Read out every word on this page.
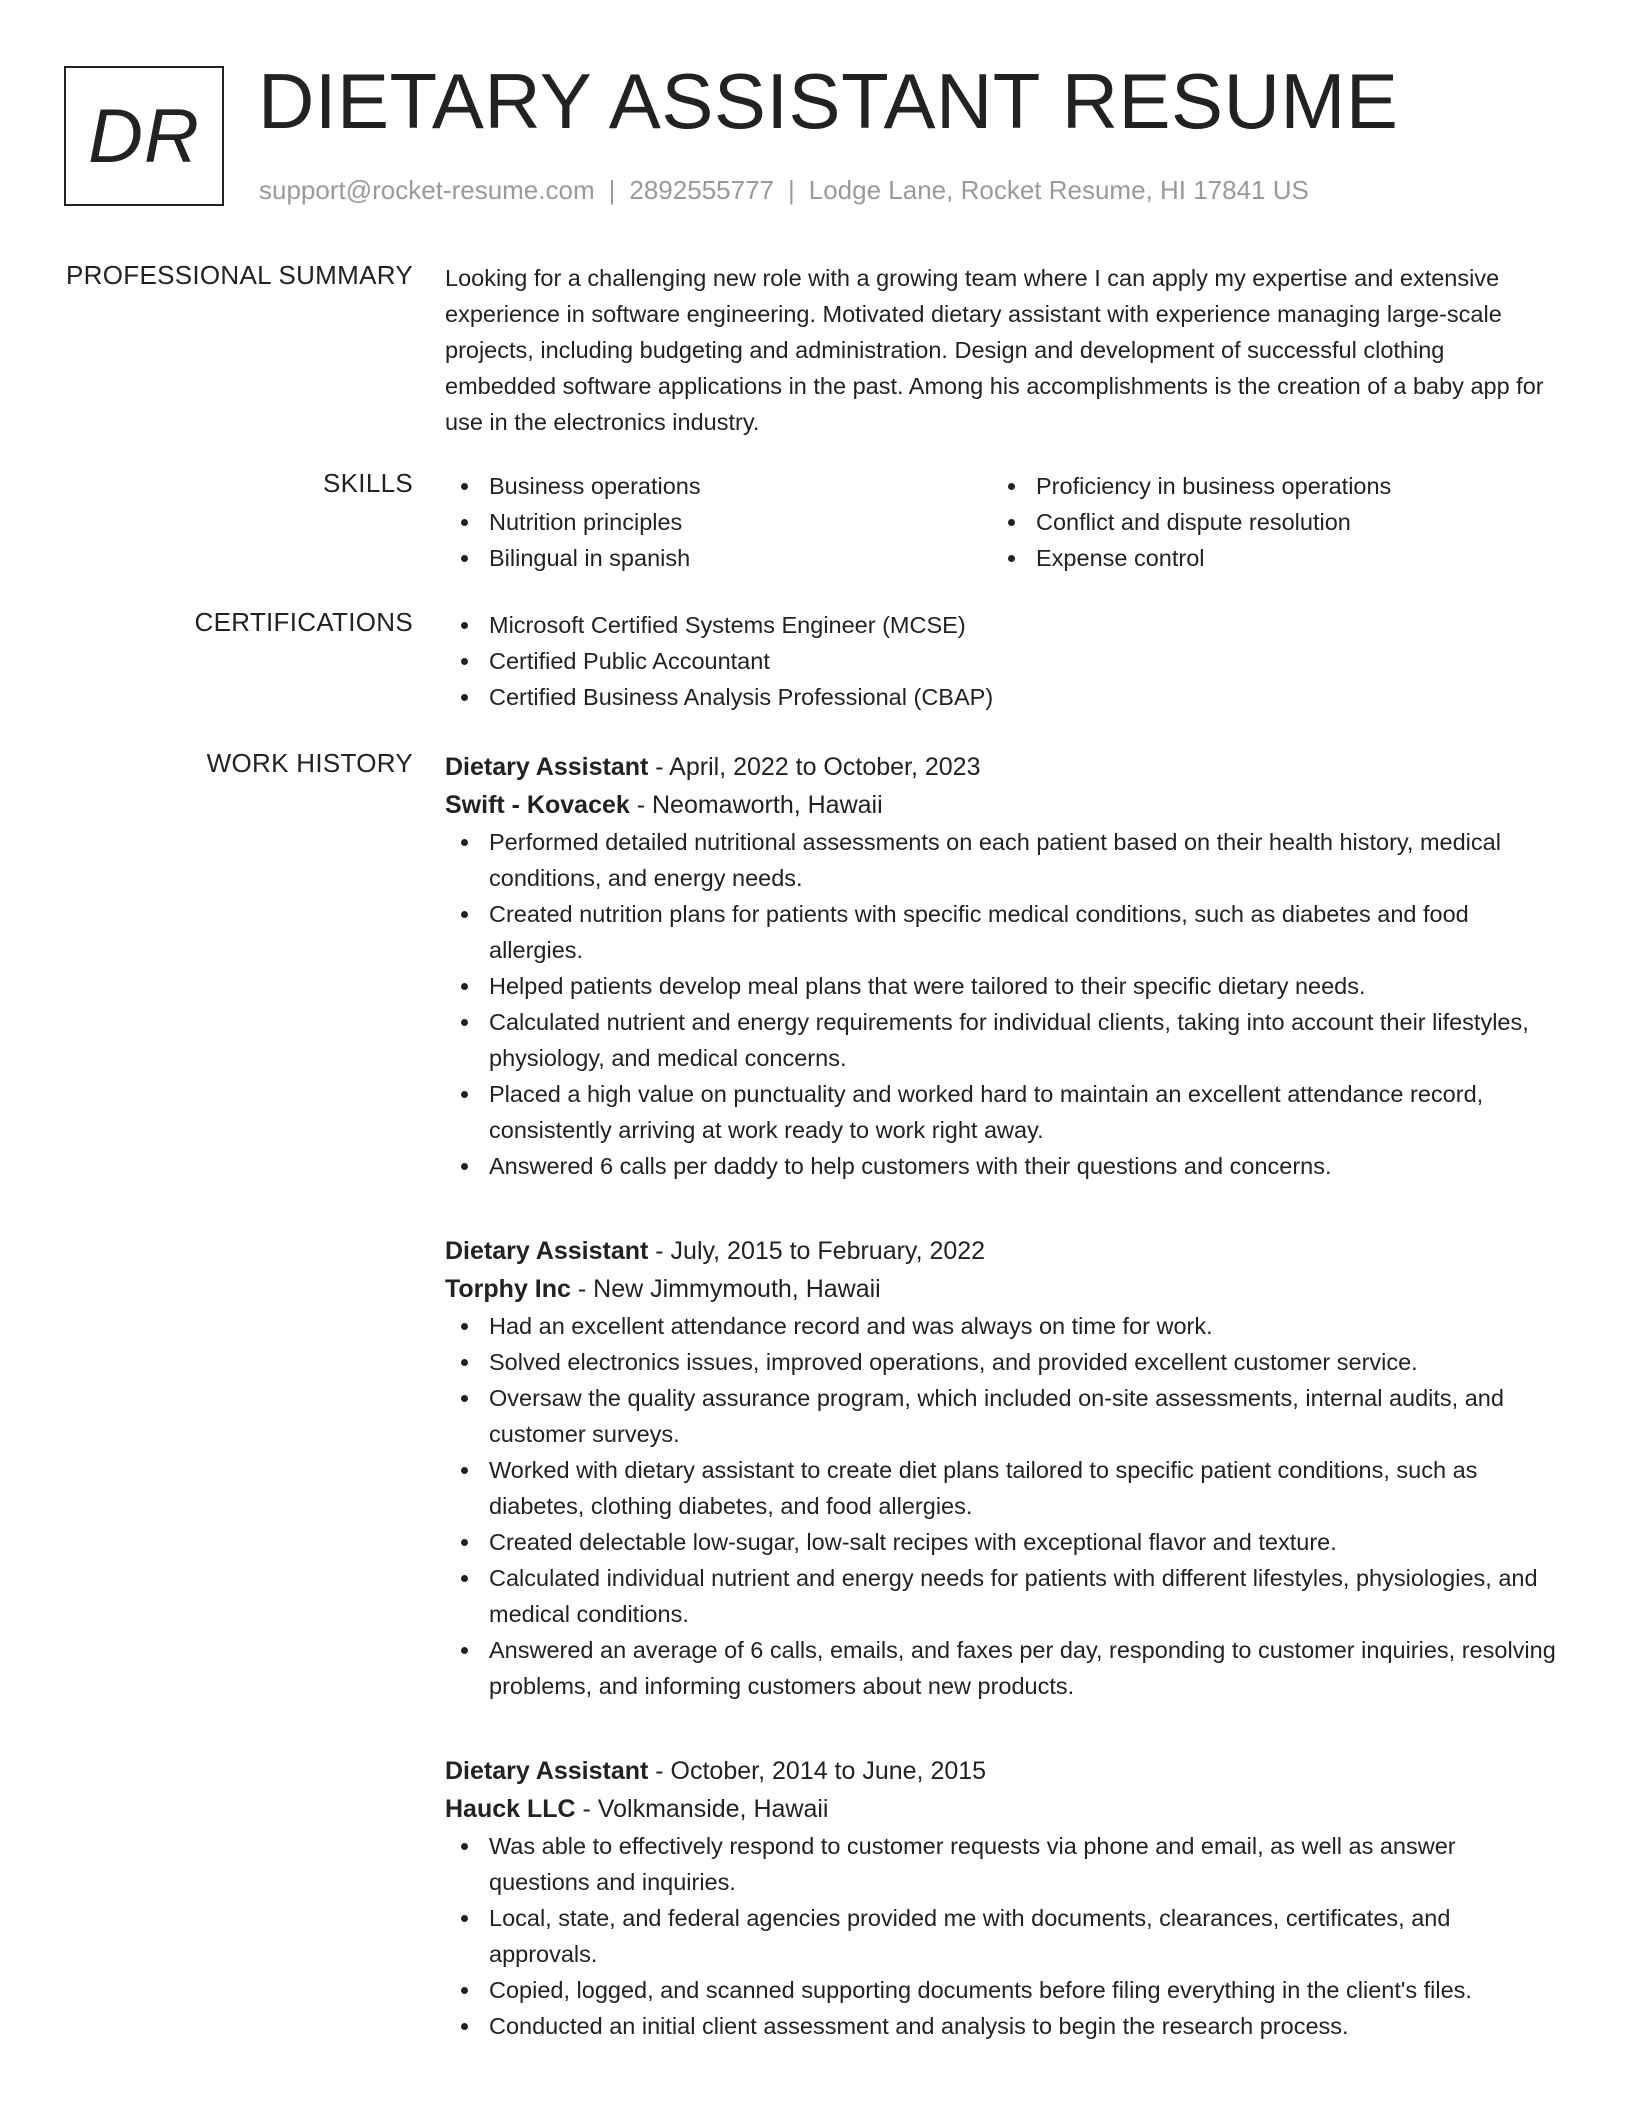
DR DIETARY ASSISTANT RESUME
support@rocket-resume.com | 2892555777 | Lodge Lane, Rocket Resume, HI 17841 US
PROFESSIONAL SUMMARY Looking for a challenging new role with a growing team where I can apply my expertise and extensive experience in software engineering. Motivated dietary assistant with experience managing large-scale projects, including budgeting and administration. Design and development of successful clothing embedded software applications in the past. Among his accomplishments is the creation of a baby app for use in the electronics industry.

SKILLS	Business operations
Nutrition principles
Bilingual in spanish
Proficiency in business operations
Conflict and dispute resolution
Expense control
CERTIFICATIONS	Microsoft Certified Systems Engineer (MCSE)
Certified Public Accountant
Certified Business Analysis Professional (CBAP)
WORK HISTORY Dietary Assistant - April, 2022 to October, 2023
Swift - Kovacek - Neomaworth, Hawaii
Performed detailed nutritional assessments on each patient based on their health history, medical conditions, and energy needs.
Created nutrition plans for patients with specific medical conditions, such as diabetes and food allergies.
Helped patients develop meal plans that were tailored to their specific dietary needs.
Calculated nutrient and energy requirements for individual clients, taking into account their lifestyles, physiology, and medical concerns.
Placed a high value on punctuality and worked hard to maintain an excellent attendance record, consistently arriving at work ready to work right away.
Answered 6 calls per daddy to help customers with their questions and concerns.
Dietary Assistant - July, 2015 to February, 2022
Torphy Inc - New Jimmymouth, Hawaii
Had an excellent attendance record and was always on time for work.
Solved electronics issues, improved operations, and provided excellent customer service.
Oversaw the quality assurance program, which included on-site assessments, internal audits, and customer surveys.
Worked with dietary assistant to create diet plans tailored to specific patient conditions, such as diabetes, clothing diabetes, and food allergies.
Created delectable low-sugar, low-salt recipes with exceptional flavor and texture.
Calculated individual nutrient and energy needs for patients with different lifestyles, physiologies, and medical conditions.
Answered an average of 6 calls, emails, and faxes per day, responding to customer inquiries, resolving problems, and informing customers about new products.
Dietary Assistant - October, 2014 to June, 2015
Hauck LLC - Volkmanside, Hawaii
Was able to effectively respond to customer requests via phone and email, as well as answer questions and inquiries.
Local, state, and federal agencies provided me with documents, clearances, certificates, and approvals.
Copied, logged, and scanned supporting documents before filing everything in the client's files.
Conducted an initial client assessment and analysis to begin the research process.
